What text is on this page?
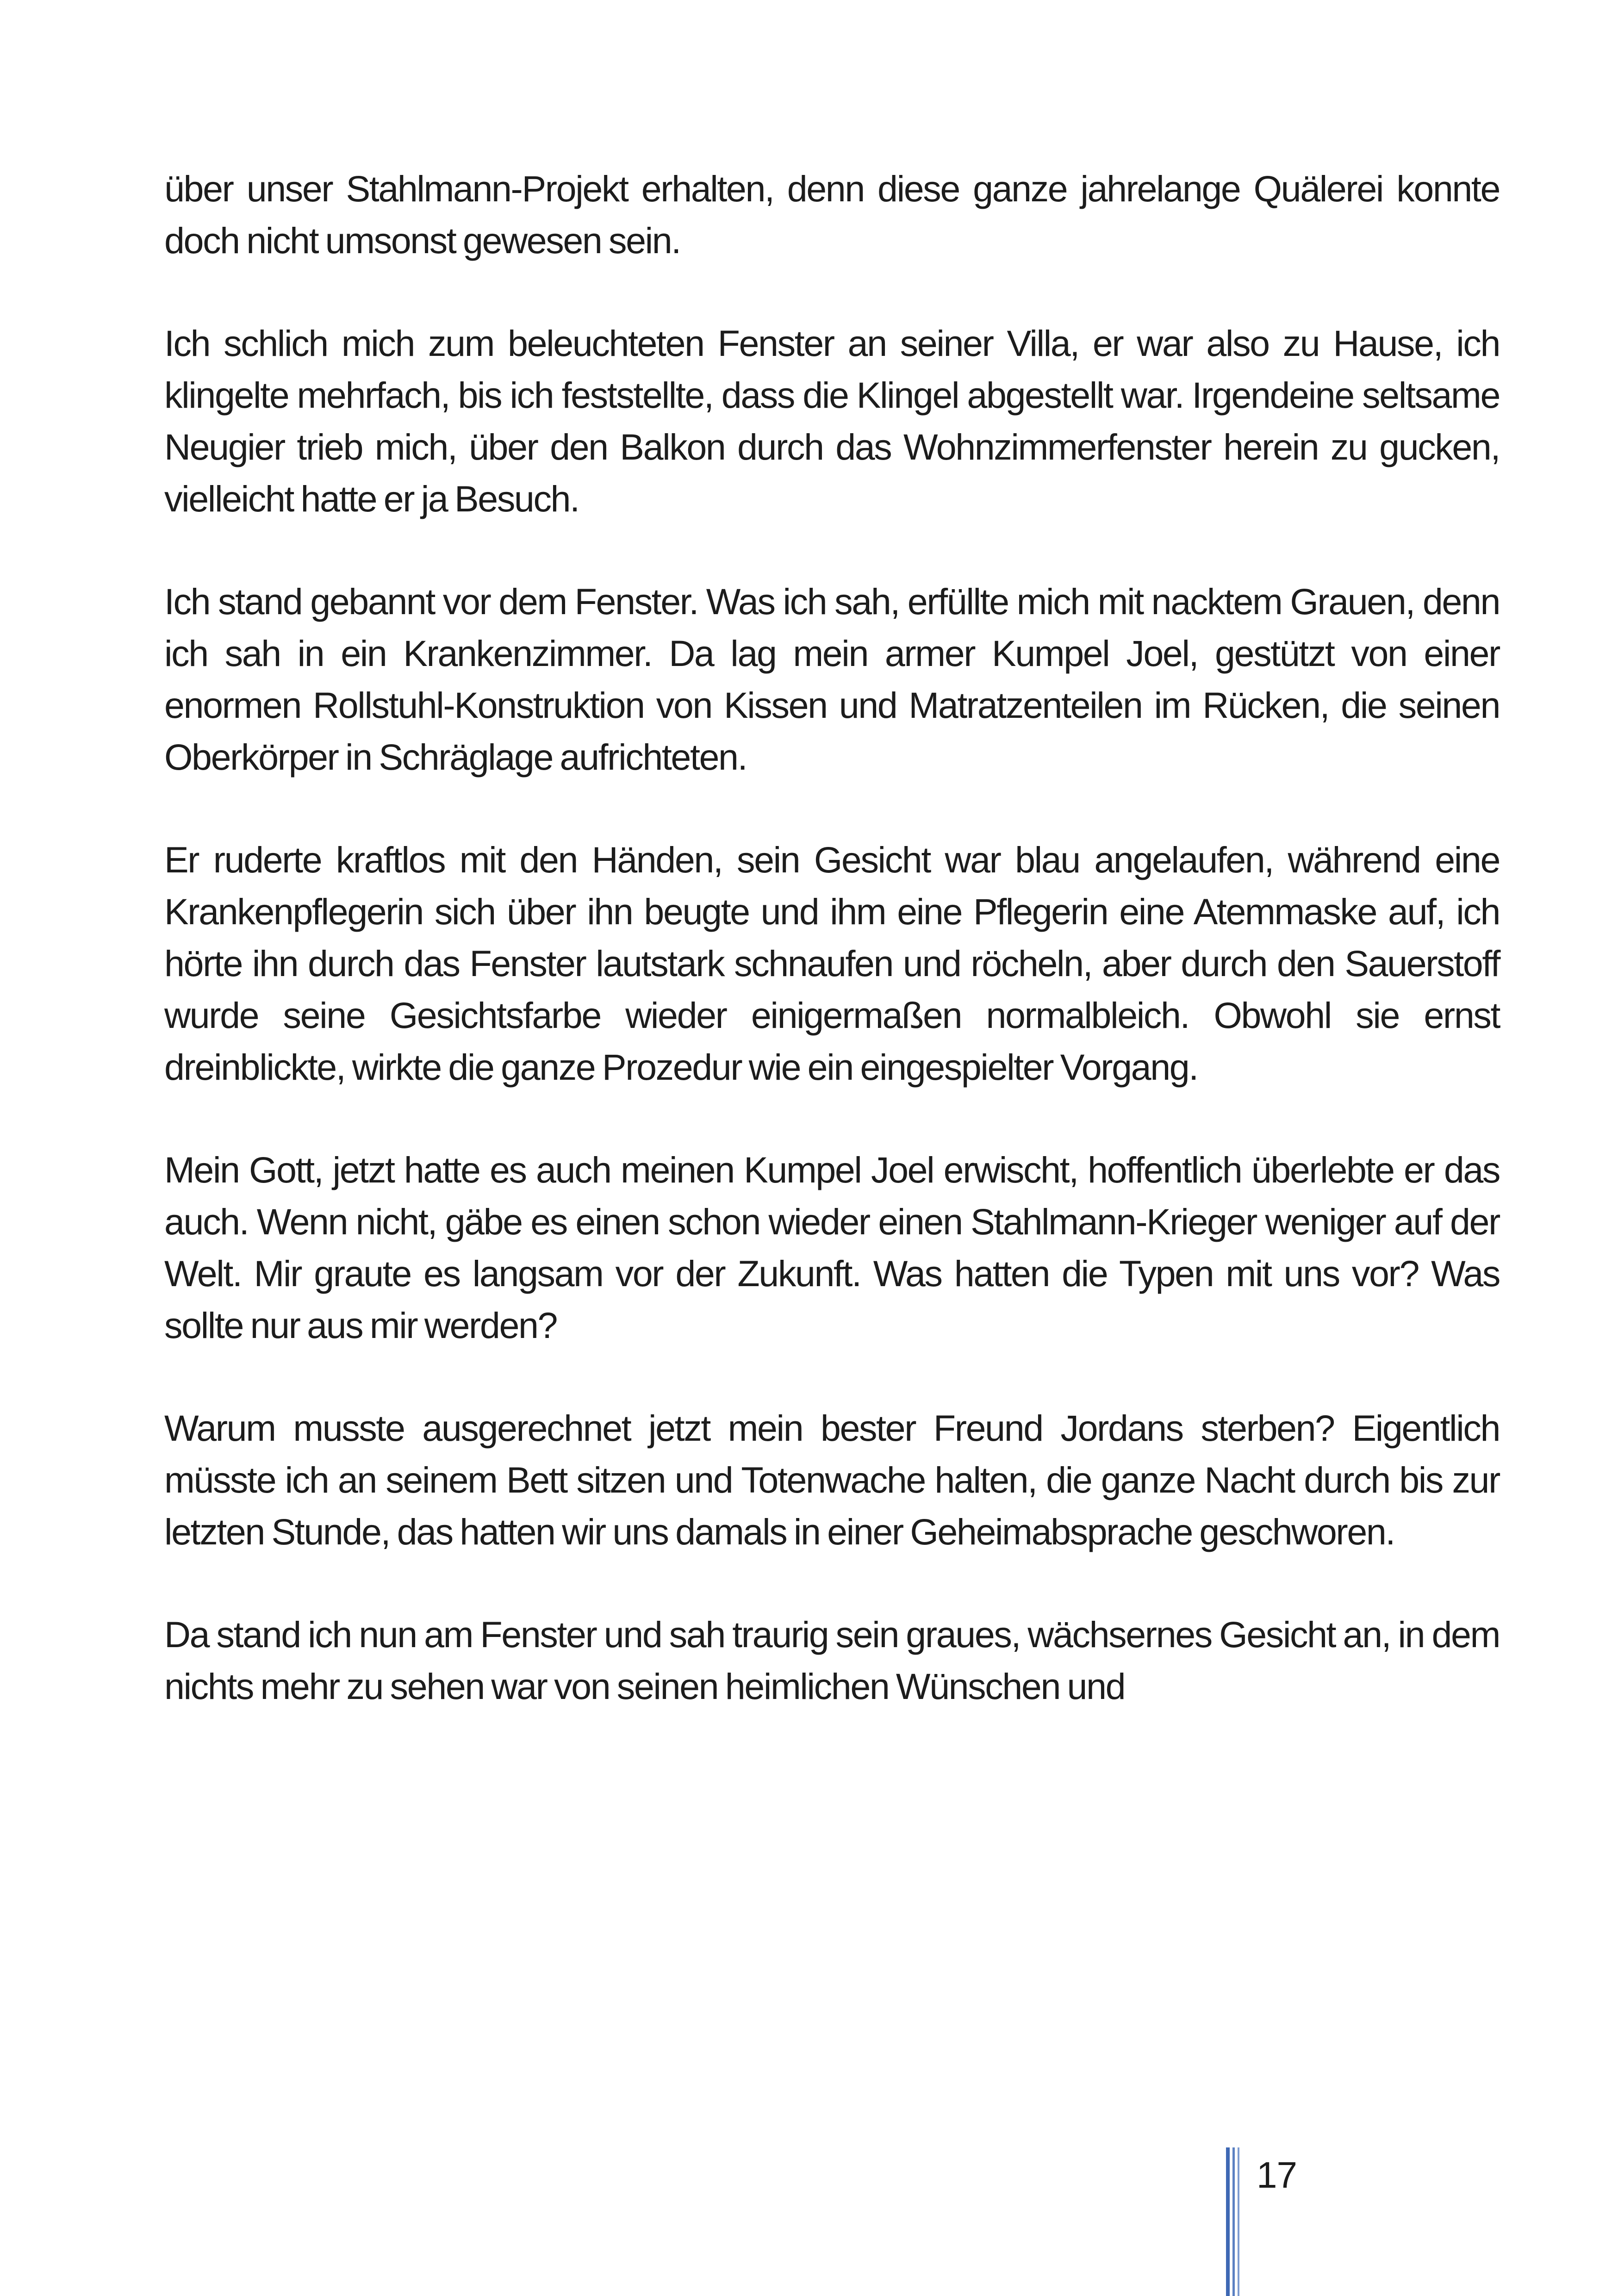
über unser Stahlmann-Projekt erhalten, denn diese ganze jahrelange Quälerei konnte doch nicht umsonst gewesen sein.

Ich schlich mich zum beleuchteten Fenster an seiner Villa, er war also zu Hause, ich klingelte mehrfach, bis ich feststellte, dass die Klingel abgestellt war. Irgendeine seltsame Neugier trieb mich, über den Balkon durch das Wohnzimmerfenster herein zu gucken, vielleicht hatte er ja Besuch.

Ich stand gebannt vor dem Fenster. Was ich sah, erfüllte mich mit nacktem Grauen, denn ich sah in ein Krankenzimmer. Da lag mein armer Kumpel Joel, gestützt von einer enormen Rollstuhl-Konstruktion von Kissen und Matratzenteilen im Rücken, die seinen Oberkörper in Schräglage aufrichteten.

Er ruderte kraftlos mit den Händen, sein Gesicht war blau angelaufen, während eine Krankenpflegerin sich über ihn beugte und ihm eine Pflegerin eine Atemmaske auf, ich hörte ihn durch das Fenster lautstark schnaufen und röcheln, aber durch den Sauerstoff wurde seine Gesichtsfarbe wieder einigermaßen normalbleich. Obwohl sie ernst dreinblickte, wirkte die ganze Prozedur wie ein eingespielter Vorgang.

Mein Gott, jetzt hatte es auch meinen Kumpel Joel erwischt, hoffentlich überlebte er das auch. Wenn nicht, gäbe es einen schon wieder einen Stahlmann-Krieger weniger auf der Welt. Mir graute es langsam vor der Zukunft. Was hatten die Typen mit uns vor? Was sollte nur aus mir werden?

Warum musste ausgerechnet jetzt mein bester Freund Jordans sterben? Eigentlich müsste ich an seinem Bett sitzen und Totenwache halten, die ganze Nacht durch bis zur letzten Stunde, das hatten wir uns damals in einer Geheimabsprache geschworen.

Da stand ich nun am Fenster und sah traurig sein graues, wächsernes Gesicht an, in dem nichts mehr zu sehen war von seinen heimlichen Wünschen und

17
